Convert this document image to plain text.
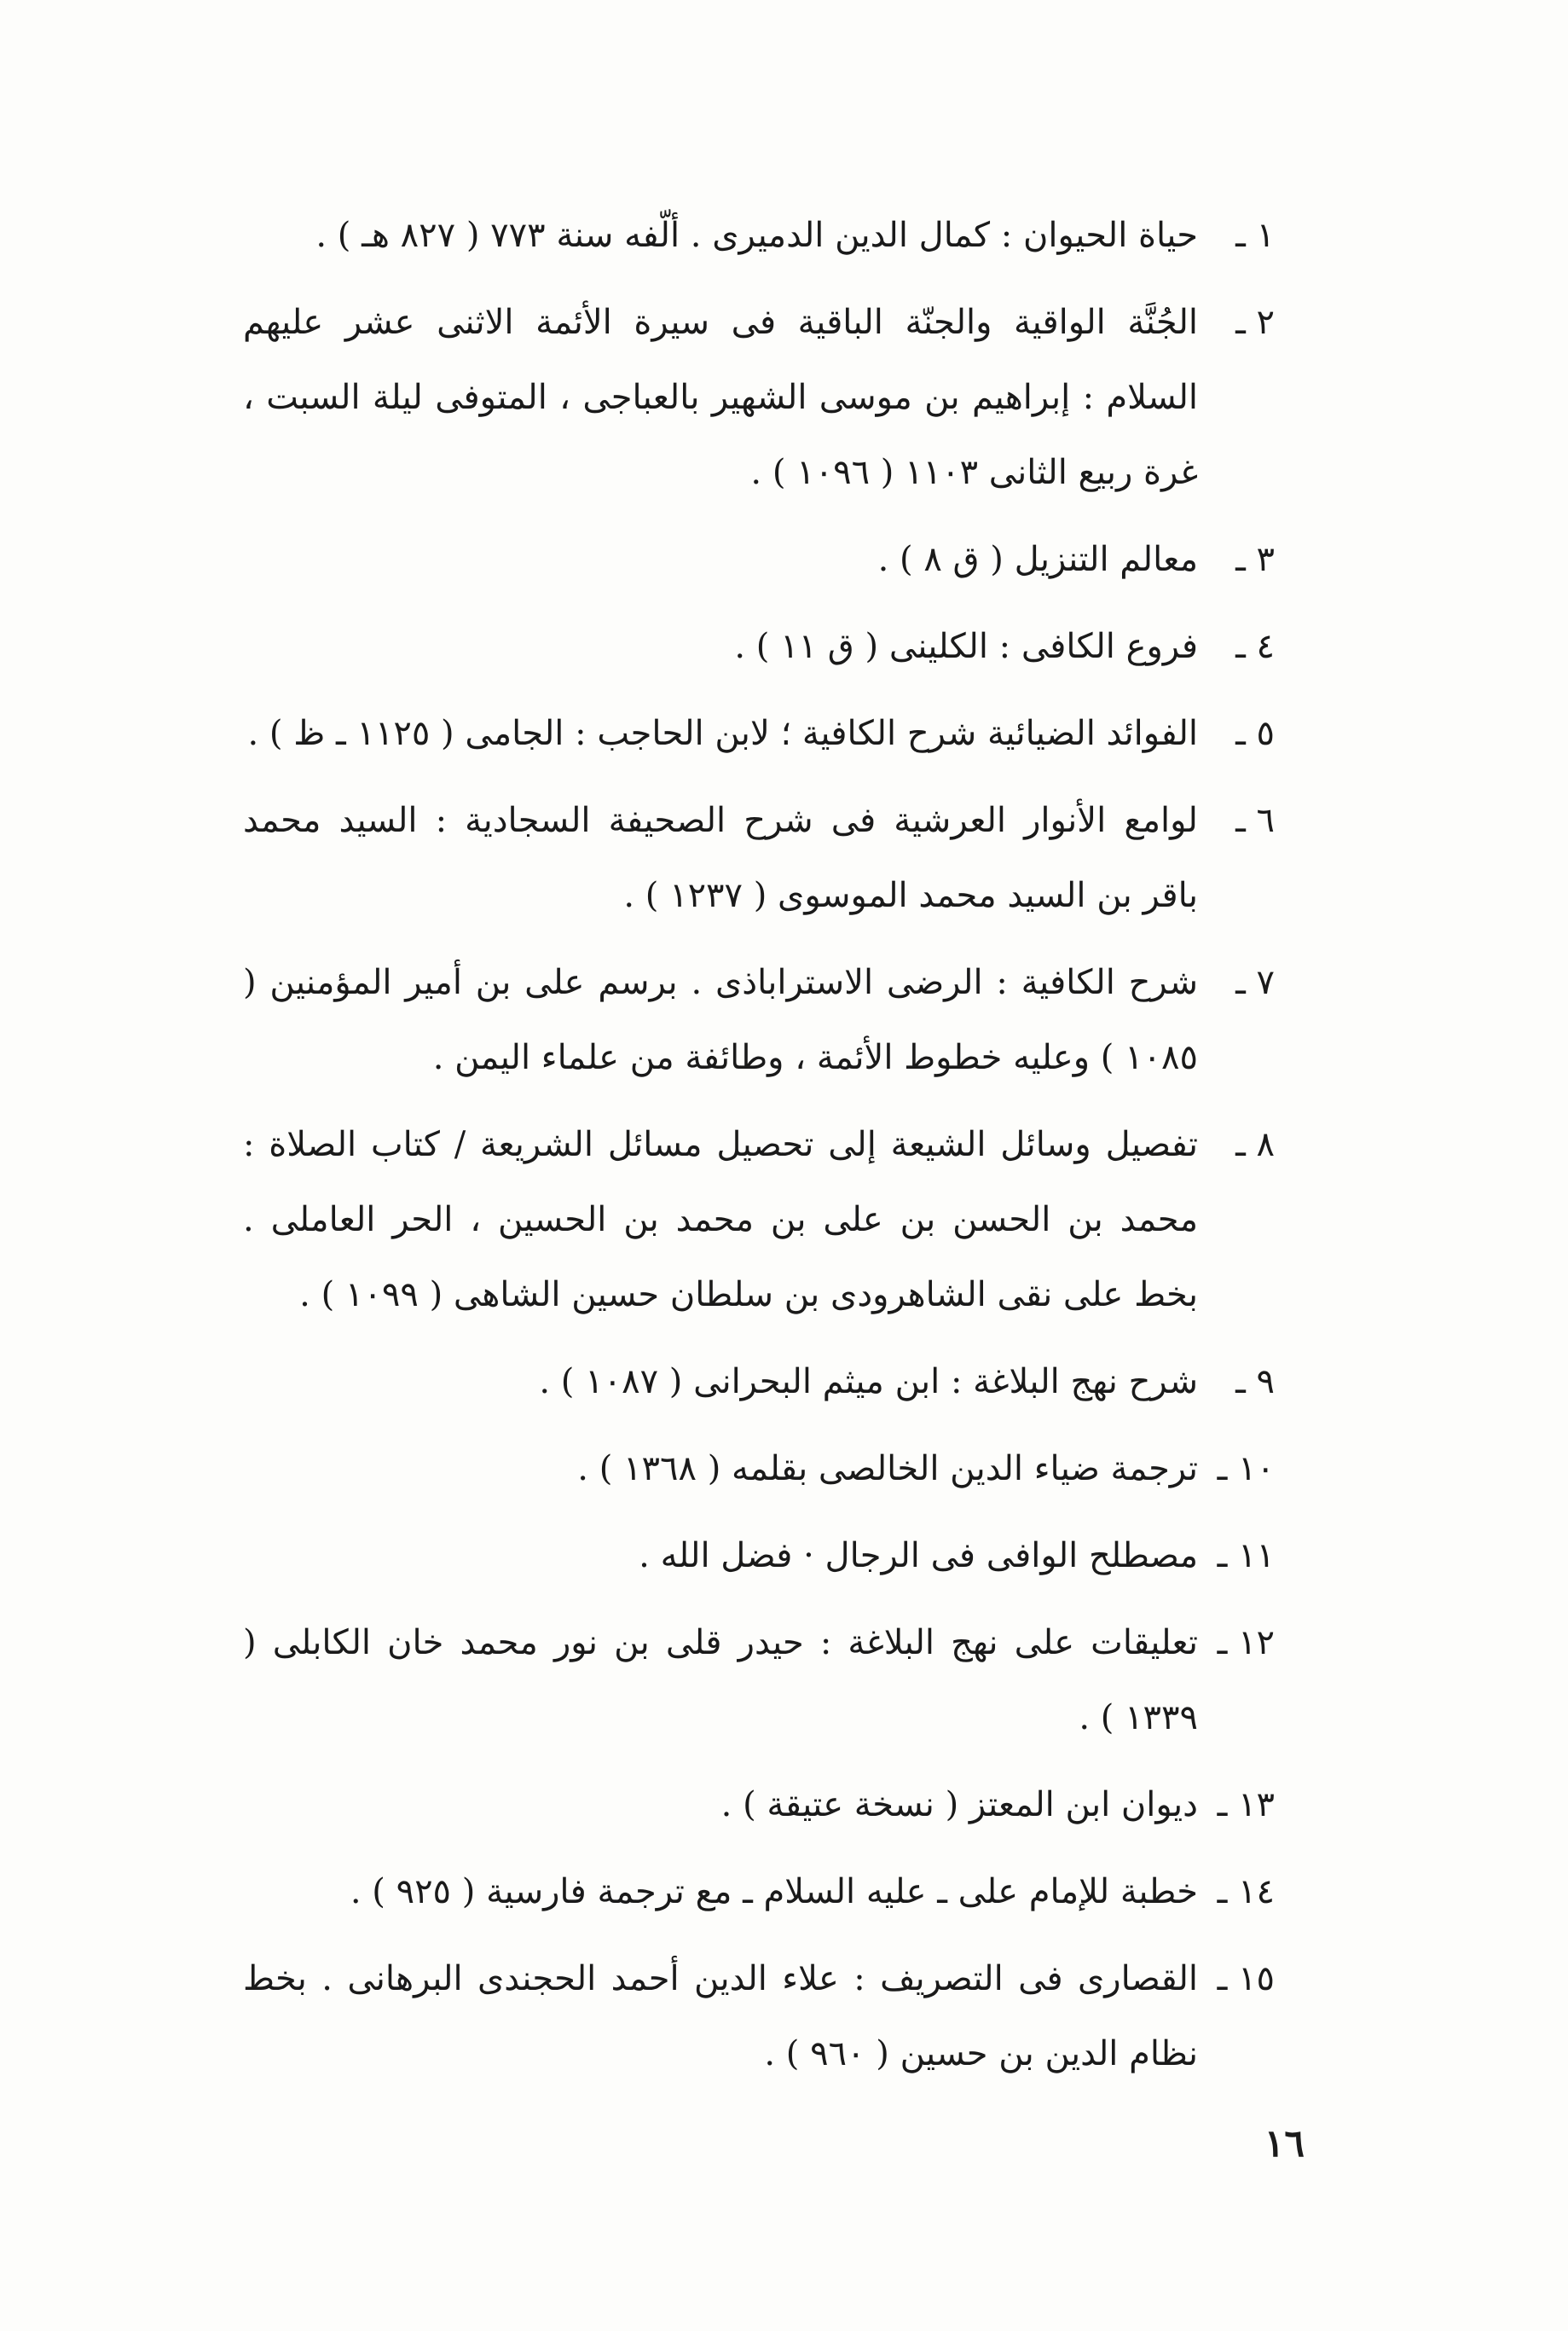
١ ـ
حياة الحيوان : كمال الدين الدميرى . ألّفه سنة ٧٧٣ ( ٨٢٧ هـ ) .
٢ ـ
الجُنَّة الواقية والجنّة الباقية فى سيرة الأئمة الاثنى عشر عليهم السلام : إبراهيم بن موسى الشهير بالعباجى ، المتوفى ليلة السبت ، غرة ربيع الثانى ١١٠٣ ( ١٠٩٦ ) .
٣ ـ
معالم التنزيل ( ق ٨ ) .
٤ ـ
فروع الكافى : الكلينى ( ق ١١ ) .
٥ ـ
الفوائد الضيائية شرح الكافية ؛ لابن الحاجب : الجامى ( ١١٢٥ ـ ظ ) .
٦ ـ
لوامع الأنوار العرشية فى شرح الصحيفة السجادية : السيد محمد باقر بن السيد محمد الموسوى ( ١٢٣٧ ) .
٧ ـ
شرح الكافية : الرضى الاستراباذى . برسم على بن أمير المؤمنين ( ١٠٨٥ ) وعليه خطوط الأئمة ، وطائفة من علماء اليمن .
٨ ـ
تفصيل وسائل الشيعة إلى تحصيل مسائل الشريعة / كتاب الصلاة : محمد بن الحسن بن على بن محمد بن الحسين ، الحر العاملى . بخط على نقى الشاهرودى بن سلطان حسين الشاهى ( ١٠٩٩ ) .
٩ ـ
شرح نهج البلاغة : ابن ميثم البحرانى ( ١٠٨٧ ) .
١٠ ـ
ترجمة ضياء الدين الخالصى بقلمه ( ١٣٦٨ ) .
١١ ـ
مصطلح الوافى فى الرجال · فضل الله .
١٢ ـ
تعليقات على نهج البلاغة : حيدر قلى بن نور محمد خان الكابلى ( ١٣٣٩ ) .
١٣ ـ
ديوان ابن المعتز ( نسخة عتيقة ) .
١٤ ـ
خطبة للإمام على ـ عليه السلام ـ مع ترجمة فارسية ( ٩٢٥ ) .
١٥ ـ
القصارى فى التصريف : علاء الدين أحمد الحجندى البرهانى . بخط نظام الدين بن حسين ( ٩٦٠ ) .
١٦
